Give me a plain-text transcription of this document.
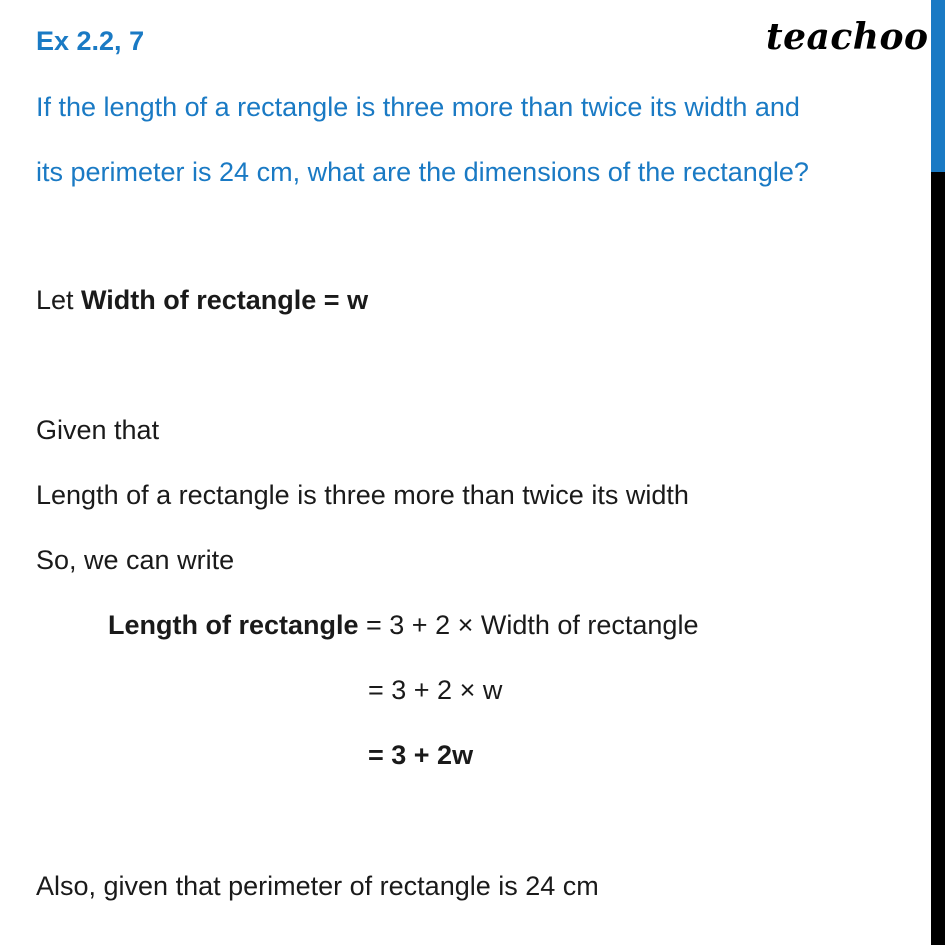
Ex 2.2, 7	teachoo
If the length of a rectangle is three more than twice its width and
its perimeter is 24 cm, what are the dimensions of the rectangle?
Let Width of rectangle = w
Given that
Length of a rectangle is three more than twice its width
So, we can write
Length of rectangle = 3 + 2 × Width of rectangle
= 3 + 2 × w
= 3 + 2w
Also, given that perimeter of rectangle is 24 cm
